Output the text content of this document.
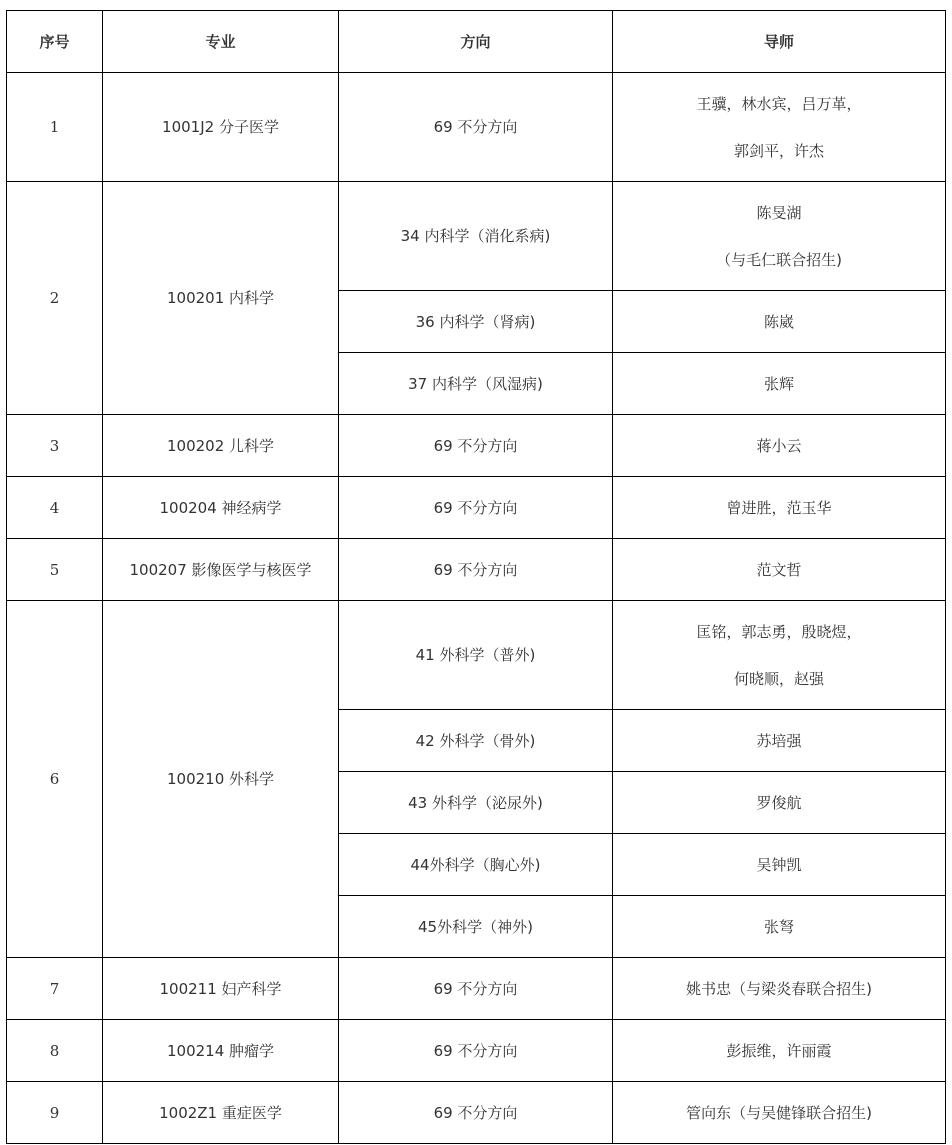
序号	专业	方向	导师
1	1001J2 分子医学	69 不分方向	王骥，林水宾，吕万革，
郭剑平，许杰

2	100201 内科学	34 内科学（消化系病)	陈旻湖
（与毛仁联合招生)

		36 内科学（肾病)	陈崴
		37 内科学（风湿病)	张辉
3	100202 儿科学	69 不分方向	蒋小云
4	100204 神经病学	69 不分方向	曾进胜，范玉华
5	100207 影像医学与核医学	69 不分方向	范文哲
6	100210 外科学	41 外科学（普外)	匡铭，郭志勇，殷晓煜，
何晓顺，赵强

		42 外科学（骨外)	苏培强
		43 外科学（泌尿外)	罗俊航
		44外科学（胸心外)	吴钟凯
		45外科学（神外)	张弩
7	100211 妇产科学	69 不分方向	姚书忠（与梁炎春联合招生)
8	100214 肿瘤学	69 不分方向	彭振维，许丽霞
9	1002Z1 重症医学	69 不分方向	管向东（与吴健锋联合招生)
